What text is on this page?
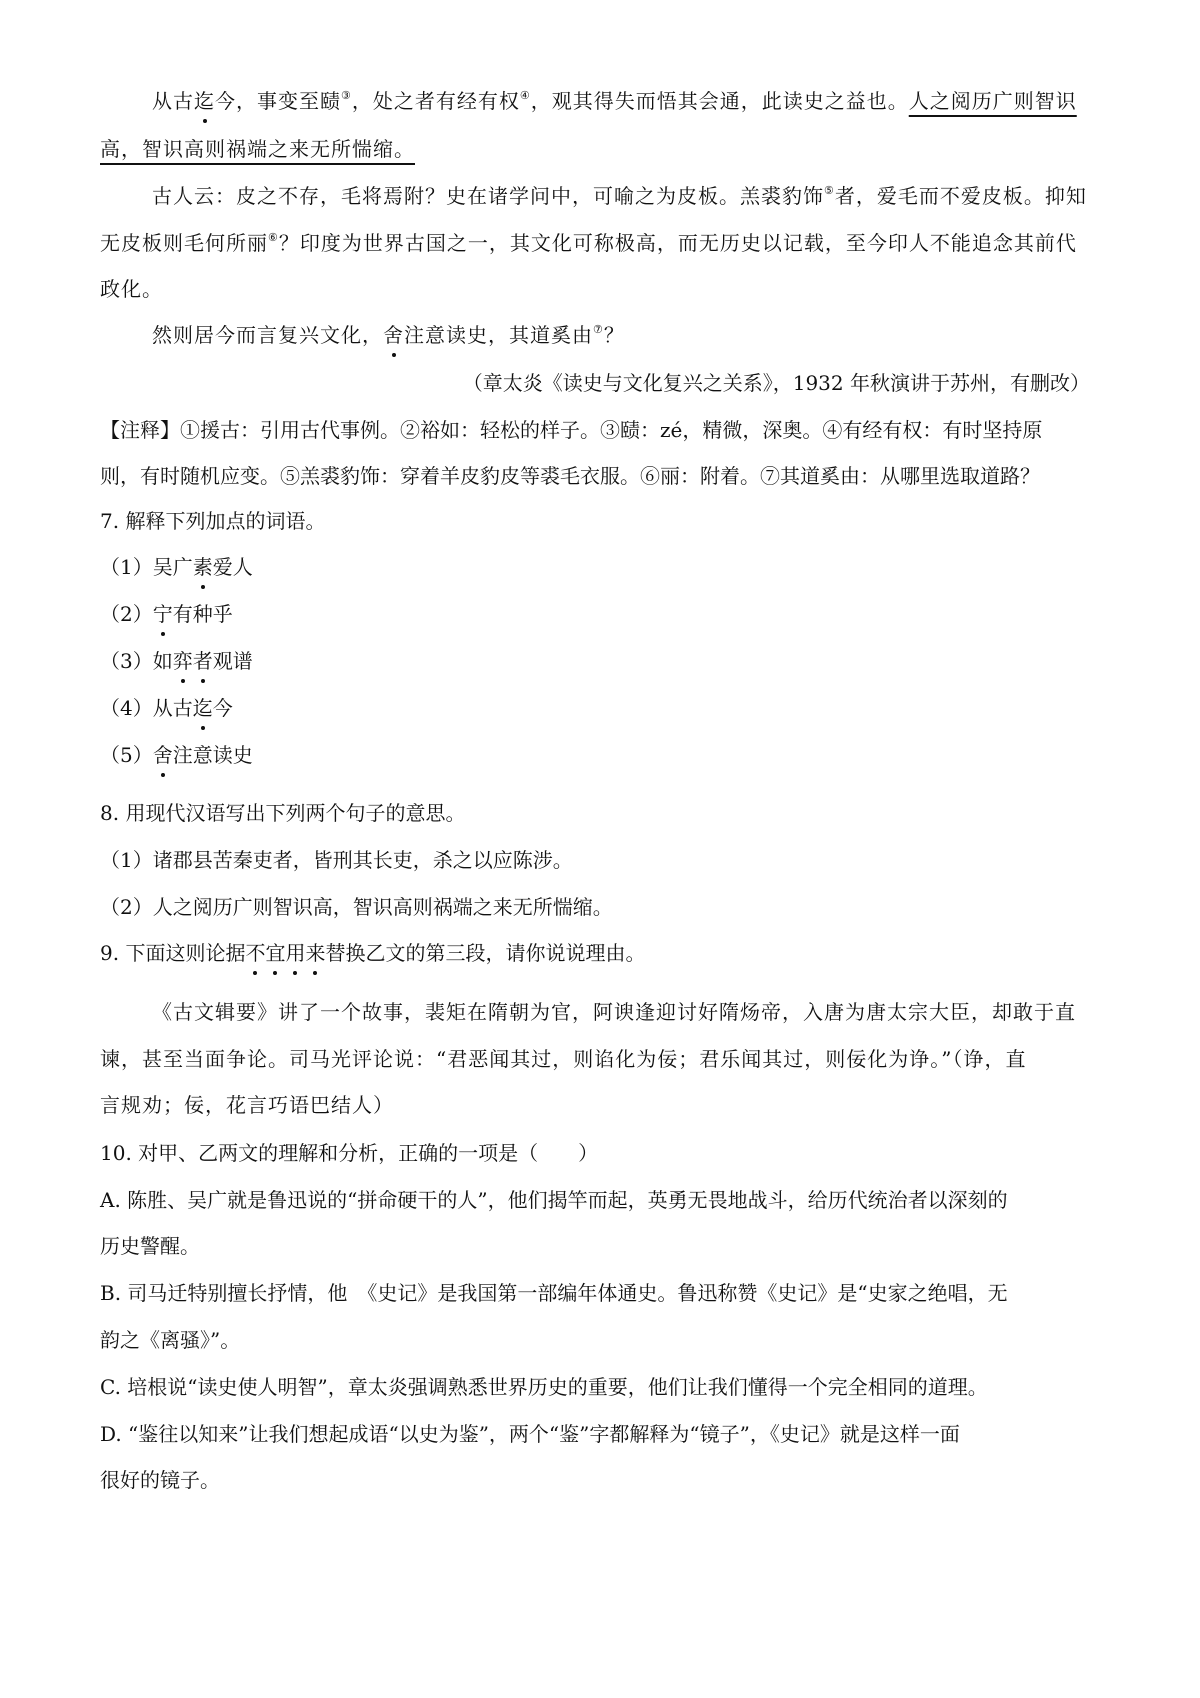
从古迄今，事变至赜③，处之者有经有权④，观其得失而悟其会通，此读史之益也。人之阅历广则智识
高，智识高则祸端之来无所惴缩。
古人云：皮之不存，毛将焉附？史在诸学问中，可喻之为皮板。羔裘豹饰⑤者，爱毛而不爱皮板。抑知
无皮板则毛何所丽⑥？印度为世界古国之一，其文化可称极高，而无历史以记载，至今印人不能追念其前代
政化。
然则居今而言复兴文化，舍注意读史，其道奚由⑦？
（章太炎《读史与文化复兴之关系》，1932 年秋演讲于苏州，有删改）
【注释】①援古：引用古代事例。②裕如：轻松的样子。③赜：zé，精微，深奥。④有经有权：有时坚持原
则，有时随机应变。⑤羔裘豹饰：穿着羊皮豹皮等裘毛衣服。⑥丽：附着。⑦其道奚由：从哪里选取道路？
7. 解释下列加点的词语。
（1）吴广素爱人
（2）宁有种乎
（3）如弈者观谱
（4）从古迄今
（5）舍注意读史
8. 用现代汉语写出下列两个句子的意思。
（1）诸郡县苦秦吏者，皆刑其长吏，杀之以应陈涉。
（2）人之阅历广则智识高，智识高则祸端之来无所惴缩。
9. 下面这则论据不宜用来替换乙文的第三段，请你说说理由。
《古文辑要》讲了一个故事，裴矩在隋朝为官，阿谀逢迎讨好隋炀帝，入唐为唐太宗大臣，却敢于直
谏，甚至当面争论。司马光评论说：“君恶闻其过，则谄化为佞；君乐闻其过，则佞化为诤。”（诤，直
言规劝；佞，花言巧语巴结人）
10. 对甲、乙两文的理解和分析，正确的一项是（　　）
A. 陈胜、吴广就是鲁迅说的“拼命硬干的人”，他们揭竿而起，英勇无畏地战斗，给历代统治者以深刻的
历史警醒。
B. 司马迁特别擅长抒情，他　《史记》是我国第一部编年体通史。鲁迅称赞《史记》是“史家之绝唱，无
韵之《离骚》”。
C. 培根说“读史使人明智”，章太炎强调熟悉世界历史的重要，他们让我们懂得一个完全相同的道理。
D. “鉴往以知来”让我们想起成语“以史为鉴”，两个“鉴”字都解释为“镜子”，《史记》就是这样一面
很好的镜子。
